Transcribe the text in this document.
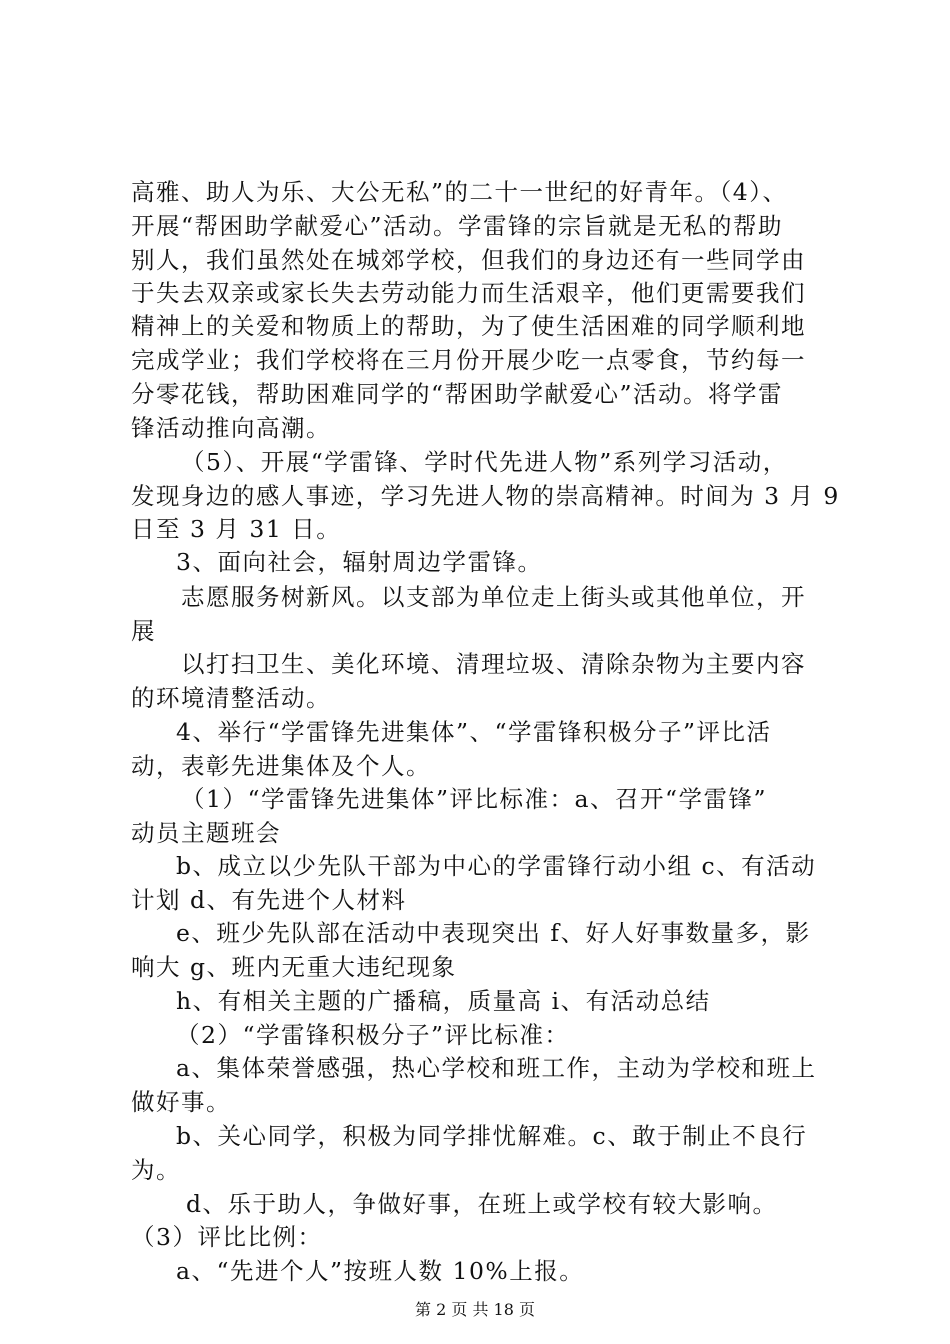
高雅、助人为乐、大公无私”的二十一世纪的好青年。（4）、
开展“帮困助学献爱心”活动。学雷锋的宗旨就是无私的帮助
别人，我们虽然处在城郊学校，但我们的身边还有一些同学由
于失去双亲或家长失去劳动能力而生活艰辛，他们更需要我们
精神上的关爱和物质上的帮助，为了使生活困难的同学顺利地
完成学业；我们学校将在三月份开展少吃一点零食，节约每一
分零花钱，帮助困难同学的“帮困助学献爱心”活动。将学雷
锋活动推向高潮。
（5）、开展“学雷锋、学时代先进人物”系列学习活动，
发现身边的感人事迹，学习先进人物的崇高精神。时间为 3 月 9
日至 3 月 31 日。
3、面向社会，辐射周边学雷锋。
志愿服务树新风。以支部为单位走上街头或其他单位，开
展
以打扫卫生、美化环境、清理垃圾、清除杂物为主要内容
的环境清整活动。
4、举行“学雷锋先进集体”、“学雷锋积极分子”评比活
动，表彰先进集体及个人。
（1）“学雷锋先进集体”评比标准：a、召开“学雷锋”
动员主题班会
b、成立以少先队干部为中心的学雷锋行动小组 c、有活动
计划 d、有先进个人材料
e、班少先队部在活动中表现突出 f、好人好事数量多，影
响大 g、班内无重大违纪现象
h、有相关主题的广播稿，质量高 i、有活动总结
（2）“学雷锋积极分子”评比标准：
a、集体荣誉感强，热心学校和班工作，主动为学校和班上
做好事。
b、关心同学，积极为同学排忧解难。c、敢于制止不良行
为。
d、乐于助人，争做好事，在班上或学校有较大影响。
（3）评比比例：
a、“先进个人”按班人数 10%上报。
第 2 页 共 18 页
